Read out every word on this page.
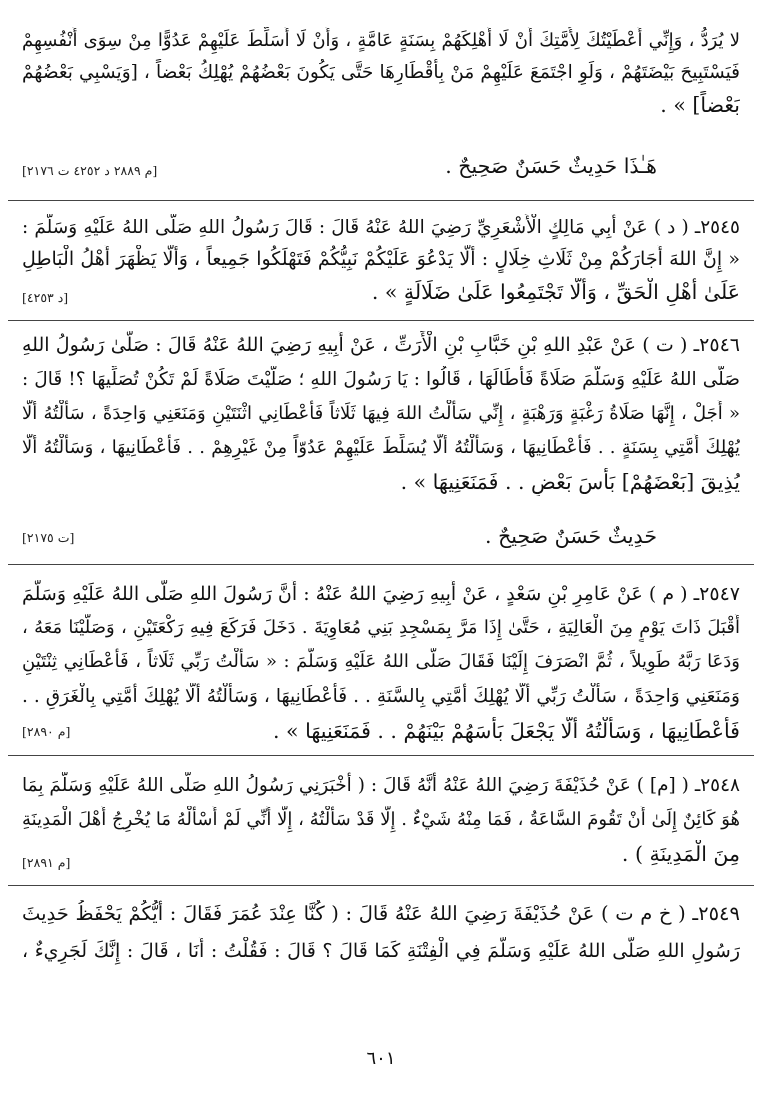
لا يُرَدُّ ، وَإِنِّي أَعْطَيْتُكَ لِأُمَّتِكَ أَنْ لَا أُهْلِكَهُمْ بِسَنَةٍ عَامَّةٍ ، وَأَنْ لَا أُسَلِّطَ عَلَيْهِمْ عَدُوًّا مِنْ سِوَى أَنْفُسِهِمْ
فَيَسْتَبِيحَ بَيْضَتَهُمْ ، وَلَوِ اجْتَمَعَ عَلَيْهِمْ مَنْ بِأَقْطَارِهَا حَتَّى يَكُونَ بَعْضُهُمْ يُهْلِكُ بَعْضاً ، [وَيَسْبِي بَعْضُهُمْ
بَعْضاً] » .
هَـٰذَا حَدِيثٌ حَسَنٌ صَحِيحٌ .
[م ٢٨٨٩ د ٤٢٥٢ ت ٢١٧٦]
٢٥٤٥ـ ( د ) عَنْ أَبِي مَالِكٍ الْأَشْعَرِيِّ رَضِيَ اللهُ عَنْهُ قَالَ : قَالَ رَسُولُ اللهِ صَلَّى اللهُ عَلَيْهِ وَسَلَّمَ :
« إِنَّ اللهَ أَجَارَكُمْ مِنْ ثَلَاثِ خِلَالٍ : أَلَّا يَدْعُوَ عَلَيْكُمْ نَبِيُّكُمْ فَتَهْلَكُوا جَمِيعاً ، وَأَلَّا يَظْهَرَ أَهْلُ الْبَاطِلِ
عَلَىٰ أَهْلِ الْحَقِّ ، وَأَلَّا تَجْتَمِعُوا عَلَىٰ ضَلَالَةٍ » .
[د ٤٢٥٣]
٢٥٤٦ـ ( ت ) عَنْ عَبْدِ اللهِ بْنِ خَبَّابِ بْنِ الْأَرَتِّ ، عَنْ أَبِيهِ رَضِيَ اللهُ عَنْهُ قَالَ : صَلَّىٰ رَسُولُ اللهِ
صَلَّى اللهُ عَلَيْهِ وَسَلَّمَ صَلَاةً فَأَطَالَهَا ، قَالُوا : يَا رَسُولَ اللهِ ؛ صَلَّيْتَ صَلَاةً لَمْ تَكُنْ تُصَلِّيهَا ؟! قَالَ :
« أَجَلْ ، إِنَّهَا صَلَاةُ رَغْبَةٍ وَرَهْبَةٍ ، إِنِّي سَأَلْتُ اللهَ فِيهَا ثَلَاثاً فَأَعْطَانِي اثْنَتَيْنِ وَمَنَعَنِي وَاحِدَةً ، سَأَلْتُهُ أَلَّا
يُهْلِكَ أُمَّتِي بِسَنَةٍ . . فَأَعْطَانِيهَا ، وَسَأَلْتُهُ أَلَّا يُسَلِّطَ عَلَيْهِمْ عَدُوّاً مِنْ غَيْرِهِمْ . . فَأَعْطَانِيهَا ، وَسَأَلْتُهُ أَلَّا
يُذِيقَ [بَعْضَهُمْ] بَأْسَ بَعْضٍ . . فَمَنَعَنِيهَا » .
حَدِيثٌ حَسَنٌ صَحِيحٌ .
[ت ٢١٧٥]
٢٥٤٧ـ ( م ) عَنْ عَامِرِ بْنِ سَعْدٍ ، عَنْ أَبِيهِ رَضِيَ اللهُ عَنْهُ : أَنَّ رَسُولَ اللهِ صَلَّى اللهُ عَلَيْهِ وَسَلَّمَ
أَقْبَلَ ذَاتَ يَوْمٍ مِنَ الْعَالِيَةِ ، حَتَّىٰ إِذَا مَرَّ بِمَسْجِدِ بَنِي مُعَاوِيَةَ . دَخَلَ فَرَكَعَ فِيهِ رَكْعَتَيْنِ ، وَصَلَّيْنَا مَعَهُ ،
وَدَعَا رَبَّهُ طَوِيلاً ، ثُمَّ انْصَرَفَ إِلَيْنَا فَقَالَ صَلَّى اللهُ عَلَيْهِ وَسَلَّمَ : « سَأَلْتُ رَبِّي ثَلَاثاً ، فَأَعْطَانِي ثِنْتَيْنِ
وَمَنَعَنِي وَاحِدَةً ، سَأَلْتُ رَبِّي أَلَّا يُهْلِكَ أُمَّتِي بِالسَّنَةِ . . فَأَعْطَانِيهَا ، وَسَأَلْتُهُ أَلَّا يُهْلِكَ أُمَّتِي بِالْغَرَقِ . .
فَأَعْطَانِيهَا ، وَسَأَلْتُهُ أَلَّا يَجْعَلَ بَأْسَهُمْ بَيْنَهُمْ . . فَمَنَعَنِيهَا » .
[م ٢٨٩٠]
٢٥٤٨ـ ( [م] ) عَنْ حُذَيْفَةَ رَضِيَ اللهُ عَنْهُ أَنَّهُ قَالَ : ( أَخْبَرَنِي رَسُولُ اللهِ صَلَّى اللهُ عَلَيْهِ وَسَلَّمَ بِمَا
هُوَ كَائِنٌ إِلَىٰ أَنْ تَقُومَ السَّاعَةُ ، فَمَا مِنْهُ شَيْءٌ . إِلَّا قَدْ سَأَلْتُهُ ، إِلَّا أَنِّي لَمْ أَسْأَلْهُ مَا يُخْرِجُ أَهْلَ الْمَدِينَةِ
مِنَ الْمَدِينَةِ ) .
[م ٢٨٩١]
٢٥٤٩ـ ( خ م ت ) عَنْ حُذَيْفَةَ رَضِيَ اللهُ عَنْهُ قَالَ : ( كُنَّا عِنْدَ عُمَرَ فَقَالَ : أَيُّكُمْ يَحْفَظُ حَدِيثَ
رَسُولِ اللهِ صَلَّى اللهُ عَلَيْهِ وَسَلَّمَ فِي الْفِتْنَةِ كَمَا قَالَ ؟ قَالَ : فَقُلْتُ : أَنَا ، قَالَ : إِنَّكَ لَجَرِيءٌ ،
٦٠١
